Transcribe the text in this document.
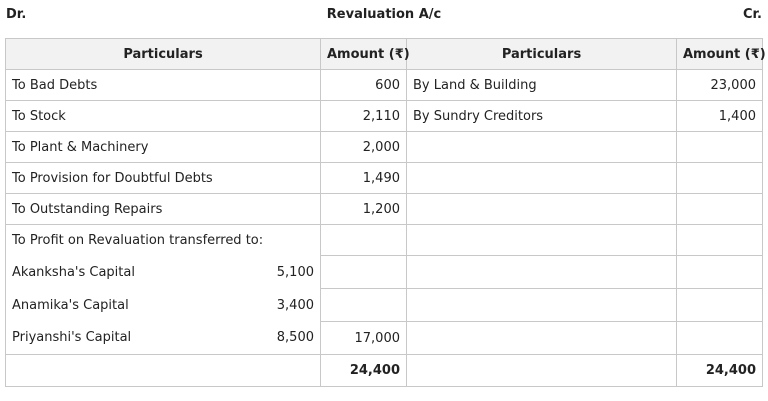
Dr.	Revaluation A/c	Cr.
Particulars	Amount (₹)	Particulars	Amount (₹)
To Bad Debts	600	By Land & Building	23,000
To Stock	2,110	By Sundry Creditors	1,400
To Plant & Machinery	2,000		
To Provision for Doubtful Debts	1,490		
To Outstanding Repairs	1,200		
To Profit on Revaluation transferred to:			

Akanksha's Capital 5,100			

Anamika's Capital 3,400			

Priyanshi's Capital 8,500	17,000		
	24,400		24,400
